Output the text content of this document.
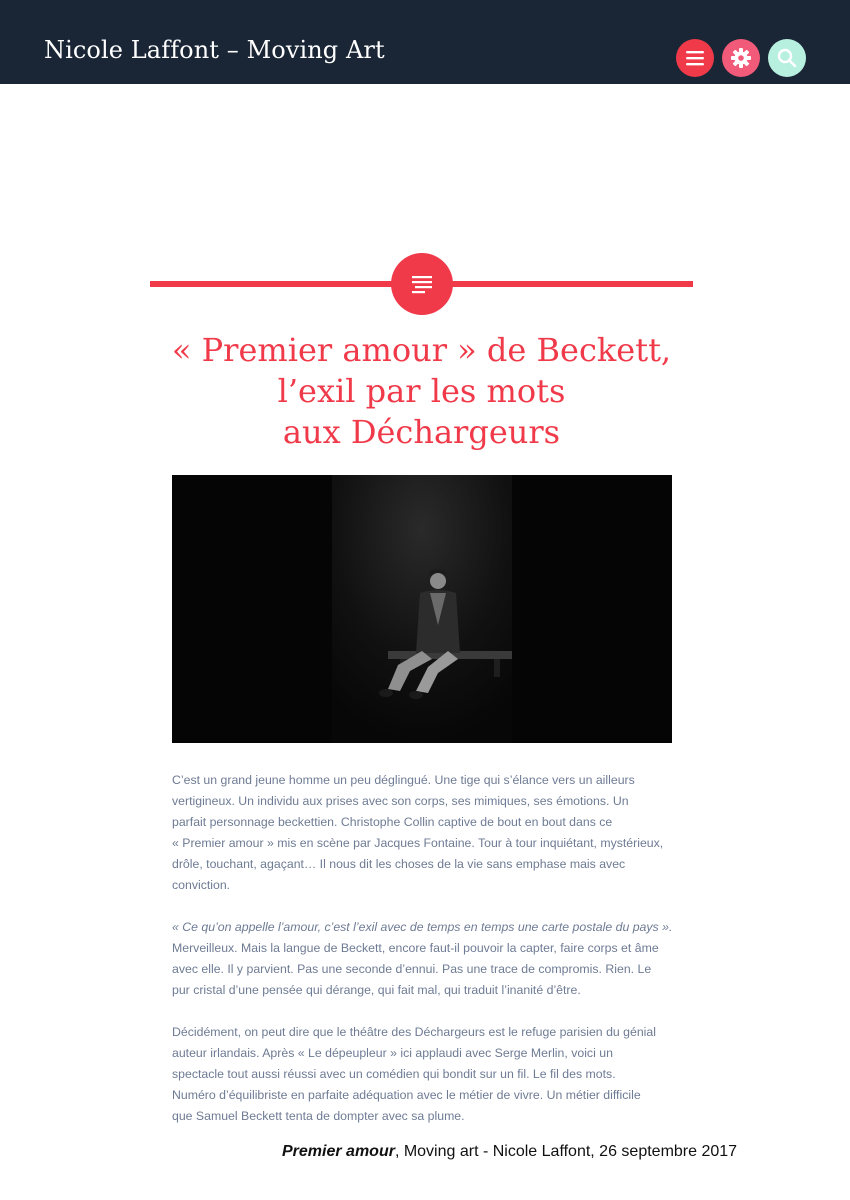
Nicole Laffont – Moving Art
« Premier amour » de Beckett,
l’exil par les mots
aux Déchargeurs

C’est un grand jeune homme un peu déglingué. Une tige qui s’élance vers un ailleurs
vertigineux. Un individu aux prises avec son corps, ses mimiques, ses émotions. Un
parfait personnage beckettien. Christophe Collin captive de bout en bout dans ce
« Premier amour » mis en scène par Jacques Fontaine. Tour à tour inquiétant, mystérieux,
drôle, touchant, agaçant… Il nous dit les choses de la vie sans emphase mais avec
conviction.

« Ce qu’on appelle l’amour, c’est l’exil avec de temps en temps une carte postale du pays ».
Merveilleux. Mais la langue de Beckett, encore faut-il pouvoir la capter, faire corps et âme
avec elle. Il y parvient. Pas une seconde d’ennui. Pas une trace de compromis. Rien. Le
pur cristal d’une pensée qui dérange, qui fait mal, qui traduit l’inanité d’être.

Décidément, on peut dire que le théâtre des Déchargeurs est le refuge parisien du génial
auteur irlandais. Après « Le dépeupleur » ici applaudi avec Serge Merlin, voici un
spectacle tout aussi réussi avec un comédien qui bondit sur un fil. Le fil des mots.
Numéro d’équilibriste en parfaite adéquation avec le métier de vivre. Un métier difficile
que Samuel Beckett tenta de dompter avec sa plume.

Premier amour, Moving art - Nicole Laffont, 26 septembre 2017
